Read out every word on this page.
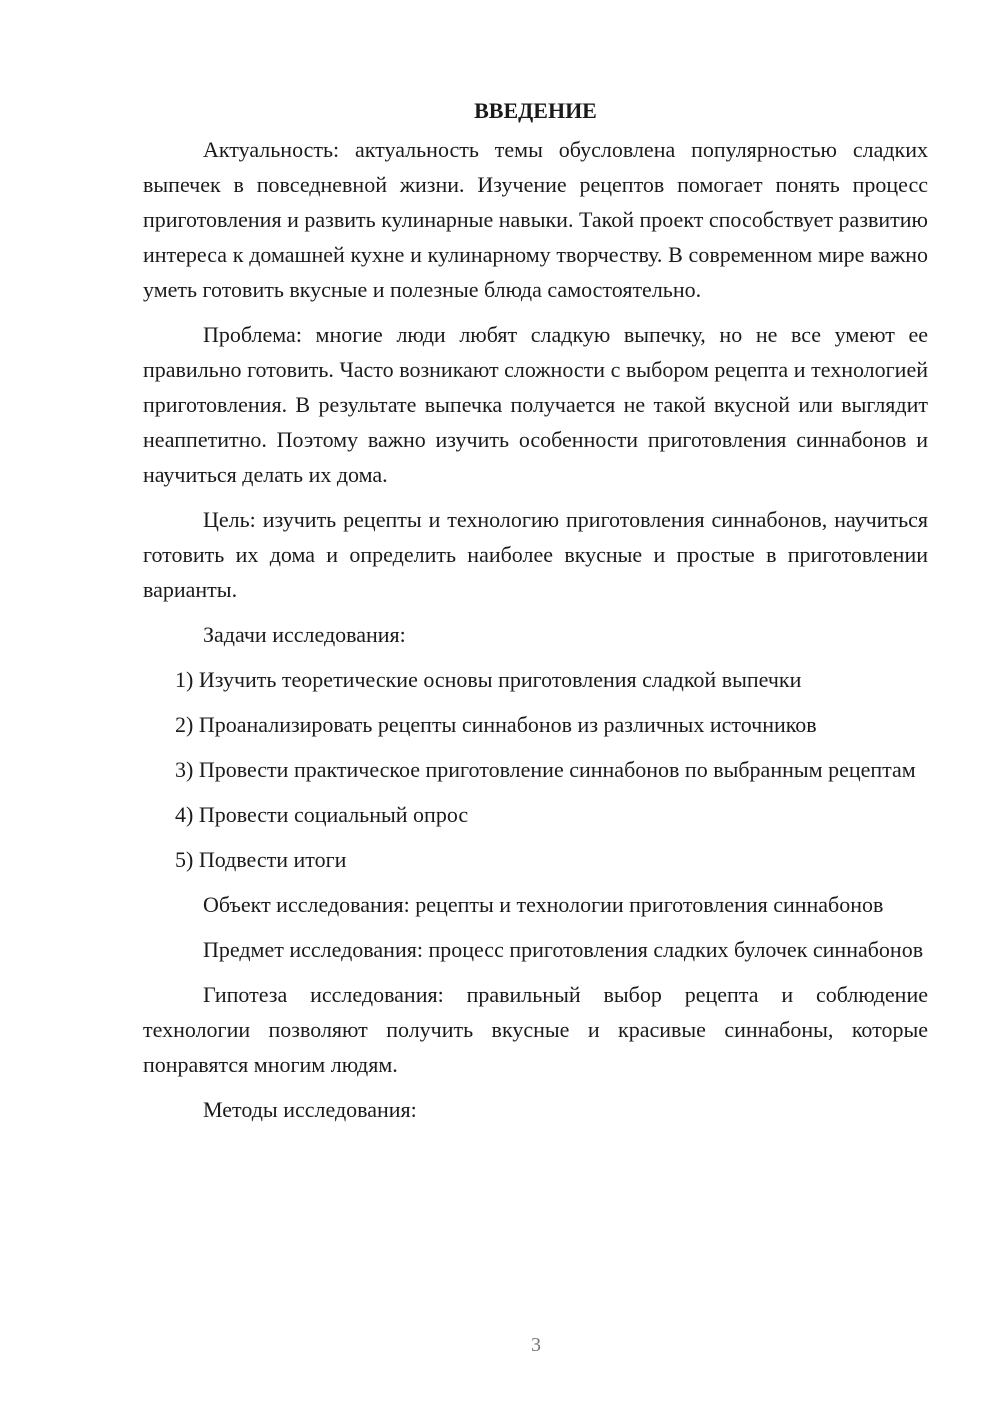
ВВЕДЕНИЕ

Актуальность: актуальность темы обусловлена популярностью сладких выпечек в повседневной жизни. Изучение рецептов помогает понять процесс приготовления и развить кулинарные навыки. Такой проект способствует развитию интереса к домашней кухне и кулинарному творчеству. В современном мире важно уметь готовить вкусные и полезные блюда самостоятельно.

Проблема: многие люди любят сладкую выпечку, но не все умеют ее правильно готовить. Часто возникают сложности с выбором рецепта и технологией приготовления. В результате выпечка получается не такой вкусной или выглядит неаппетитно. Поэтому важно изучить особенности приготовления синнабонов и научиться делать их дома.

Цель: изучить рецепты и технологию приготовления синнабонов, научиться готовить их дома и определить наиболее вкусные и простые в приготовлении варианты.

Задачи исследования:

1) Изучить теоретические основы приготовления сладкой выпечки

2) Проанализировать рецепты синнабонов из различных источников

3) Провести практическое приготовление синнабонов по выбранным рецептам

4) Провести социальный опрос

5) Подвести итоги

Объект исследования: рецепты и технологии приготовления синнабонов

Предмет исследования: процесс приготовления сладких булочек синнабонов

Гипотеза исследования: правильный выбор рецепта и соблюдение технологии позволяют получить вкусные и красивые синнабоны, которые понравятся многим людям.

Методы исследования:

3
